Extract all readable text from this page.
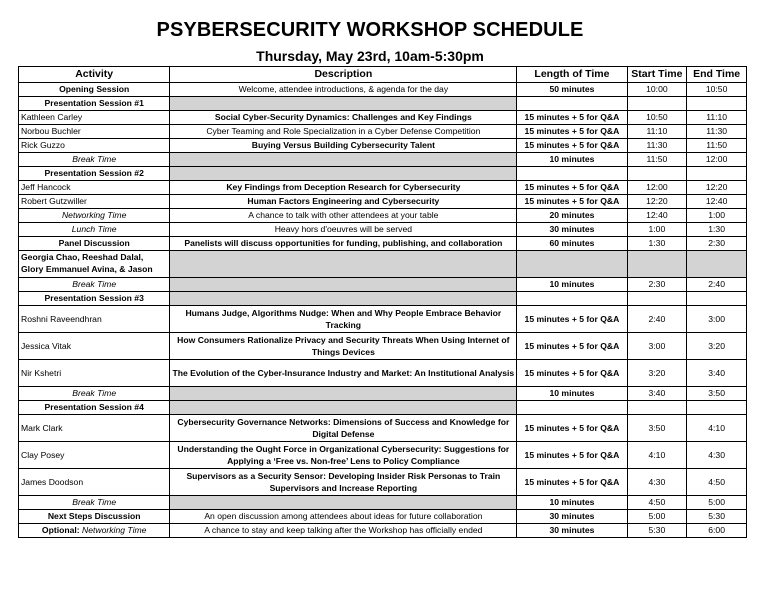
PSYBERSECURITY WORKSHOP SCHEDULE
Thursday, May 23rd, 10am-5:30pm
Activity	Description	Length of Time	Start Time	End Time
Opening Session	Welcome, attendee introductions, & agenda for the day	50 minutes	10:00	10:50
Presentation Session #1				
Kathleen Carley	Social Cyber-Security Dynamics: Challenges and Key Findings	15 minutes + 5 for Q&A	10:50	11:10
Norbou Buchler	Cyber Teaming and Role Specialization in a Cyber Defense Competition	15 minutes + 5 for Q&A	11:10	11:30
Rick Guzzo	Buying Versus Building Cybersecurity Talent	15 minutes + 5 for Q&A	11:30	11:50
Break Time		10 minutes	11:50	12:00
Presentation Session #2				
Jeff Hancock	Key Findings from Deception Research for Cybersecurity	15 minutes + 5 for Q&A	12:00	12:20
Robert Gutzwiller	Human Factors Engineering and Cybersecurity	15 minutes + 5 for Q&A	12:20	12:40
Networking Time	A chance to talk with other attendees at your table	20 minutes	12:40	1:00
Lunch Time	Heavy hors d'oeuvres will be served	30 minutes	1:00	1:30
Panel Discussion	Panelists will discuss opportunities for funding, publishing, and collaboration	60 minutes	1:30	2:30
Georgia Chao, Reeshad Dalal, Glory Emmanuel Avina, & Jason				
Break Time		10 minutes	2:30	2:40
Presentation Session #3				
Roshni Raveendhran	Humans Judge, Algorithms Nudge: When and Why People Embrace Behavior Tracking	15 minutes + 5 for Q&A	2:40	3:00
Jessica Vitak	How Consumers Rationalize Privacy and Security Threats When Using Internet of Things Devices	15 minutes + 5 for Q&A	3:00	3:20
Nir Kshetri	The Evolution of the Cyber-Insurance Industry and Market: An Institutional Analysis	15 minutes + 5 for Q&A	3:20	3:40
Break Time		10 minutes	3:40	3:50
Presentation Session #4				
Mark Clark	Cybersecurity Governance Networks: Dimensions of Success and Knowledge for Digital Defense	15 minutes + 5 for Q&A	3:50	4:10
Clay Posey	Understanding the Ought Force in Organizational Cybersecurity: Suggestions for Applying a ‘Free vs. Non-free’ Lens to Policy Compliance	15 minutes + 5 for Q&A	4:10	4:30
James Doodson	Supervisors as a Security Sensor: Developing Insider Risk Personas to Train Supervisors and Increase Reporting	15 minutes + 5 for Q&A	4:30	4:50
Break Time		10 minutes	4:50	5:00
Next Steps Discussion	An open discussion among attendees about ideas for future collaboration	30 minutes	5:00	5:30
Optional: Networking Time	A chance to stay and keep talking after the Workshop has officially ended	30 minutes	5:30	6:00
